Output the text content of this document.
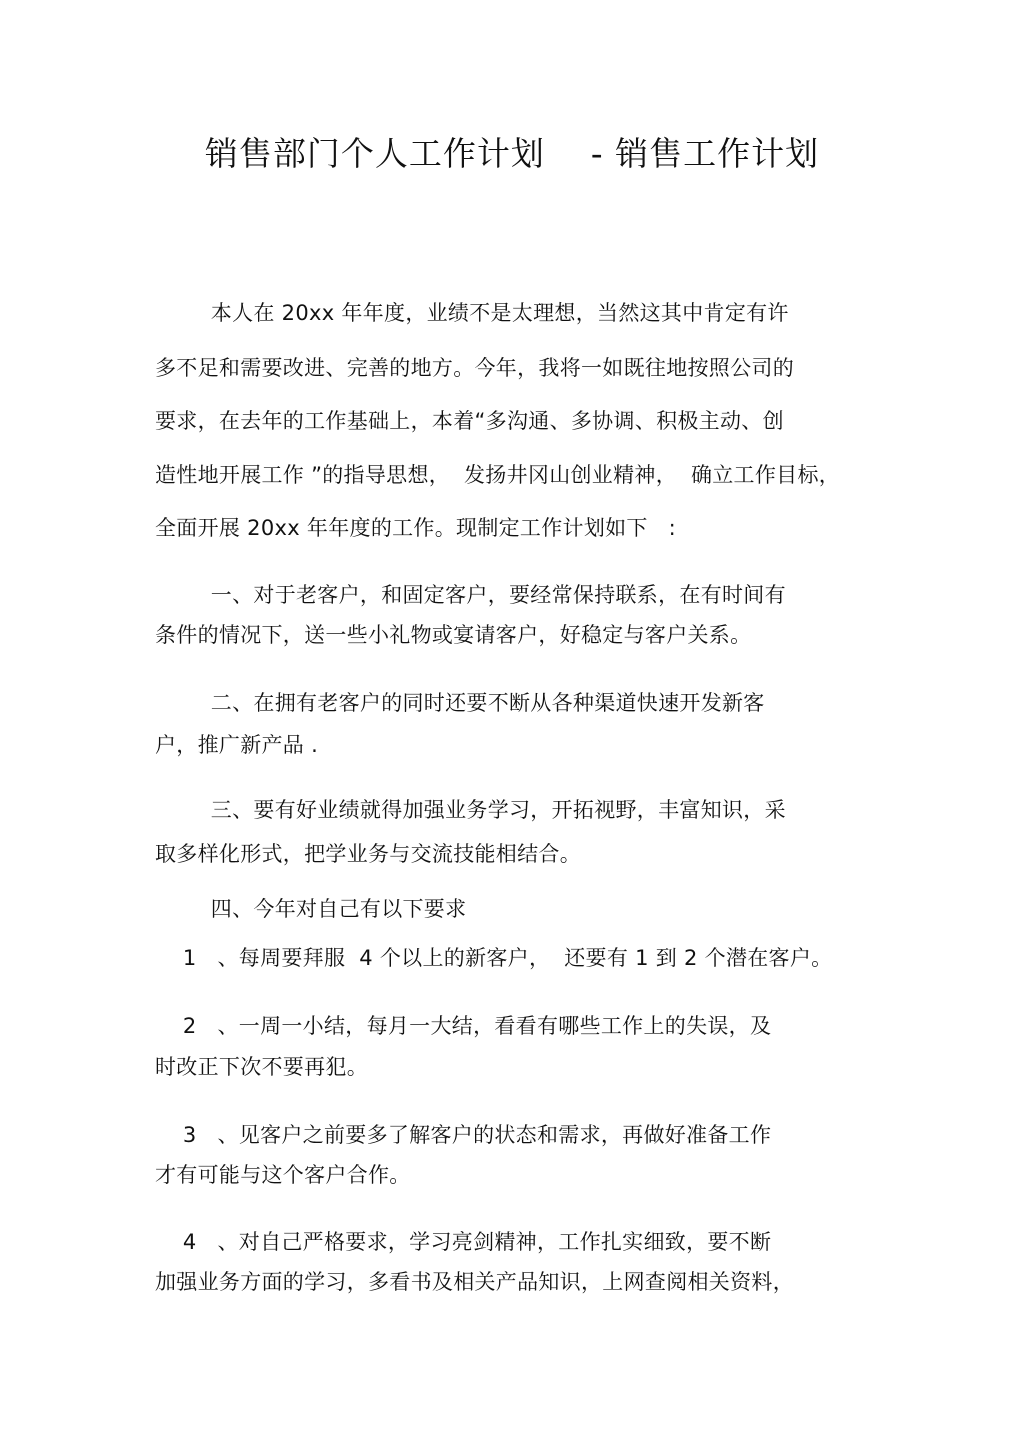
销售部门个人工作计划    - 销售工作计划
本人在 20xx 年年度，业绩不是太理想，当然这其中肯定有许
多不足和需要改进、完善的地方。今年，我将一如既往地按照公司的
要求，在去年的工作基础上，本着“多沟通、多协调、积极主动、创
造性地开展工作 ”的指导思想，  发扬井冈山创业精神，  确立工作目标，
全面开展 20xx 年年度的工作。现制定工作计划如下   :
一、对于老客户，和固定客户，要经常保持联系，在有时间有
条件的情况下，送一些小礼物或宴请客户，好稳定与客户关系。
二、在拥有老客户的同时还要不断从各种渠道快速开发新客
户，推广新产品 .
三、要有好业绩就得加强业务学习，开拓视野，丰富知识，采
取多样化形式，把学业务与交流技能相结合。
四、今年对自己有以下要求
1   、每周要拜服  4 个以上的新客户，  还要有 1 到 2 个潜在客户。
2   、一周一小结，每月一大结，看看有哪些工作上的失误，及
时改正下次不要再犯。
3   、见客户之前要多了解客户的状态和需求，再做好准备工作
才有可能与这个客户合作。
4   、对自己严格要求，学习亮剑精神，工作扎实细致，要不断
加强业务方面的学习，多看书及相关产品知识，上网查阅相关资料，
